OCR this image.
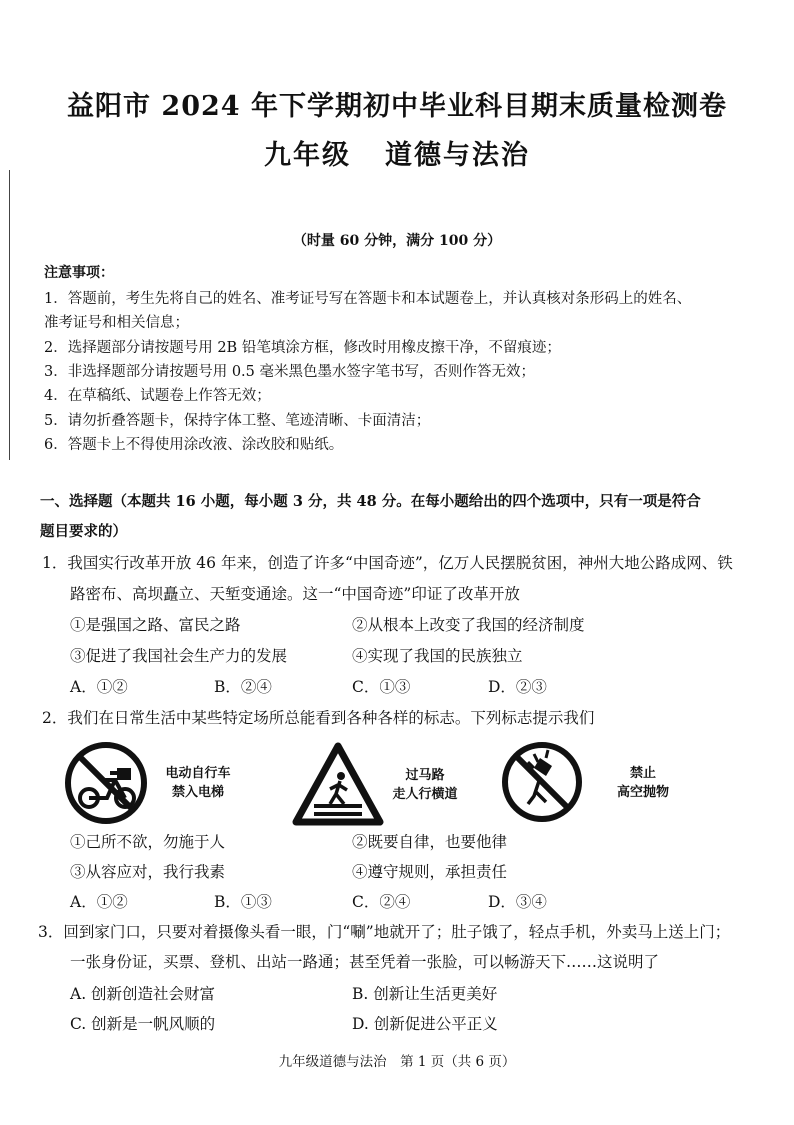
益阳市 2024 年下学期初中毕业科目期末质量检测卷
九年级 道德与法治
（时量 60 分钟，满分 100 分）
注意事项：
1．答题前，考生先将自己的姓名、准考证号写在答题卡和本试题卷上，并认真核对条形码上的姓名、
准考证号和相关信息；
2．选择题部分请按题号用 2B 铅笔填涂方框，修改时用橡皮擦干净，不留痕迹；
3．非选择题部分请按题号用 0.5 毫米黑色墨水签字笔书写，否则作答无效；
4．在草稿纸、试题卷上作答无效；
5．请勿折叠答题卡，保持字体工整、笔迹清晰、卡面清洁；
6．答题卡上不得使用涂改液、涂改胶和贴纸。
一、选择题（本题共 16 小题，每小题 3 分，共 48 分。在每小题给出的四个选项中，只有一项是符合
题目要求的）
1．我国实行改革开放 46 年来，创造了许多“中国奇迹”，亿万人民摆脱贫困，神州大地公路成网、铁
路密布、高坝矗立、天堑变通途。这一“中国奇迹”印证了改革开放
①是强国之路、富民之路	②从根本上改变了我国的经济制度
③促进了我国社会生产力的发展	④实现了我国的民族独立
A．①②	B．②④	C．①③	D．②③
2．我们在日常生活中某些特定场所总能看到各种各样的标志。下列标志提示我们
电动自行车
禁入电梯
过马路
走人行横道
禁止
高空抛物
①己所不欲，勿施于人	②既要自律，也要他律
③从容应对，我行我素	④遵守规则，承担责任
A．①②	B．①③	C．②④	D．③④
3．回到家门口，只要对着摄像头看一眼，门“唰”地就开了；肚子饿了，轻点手机，外卖马上送上门；
一张身份证，买票、登机、出站一路通；甚至凭着一张脸，可以畅游天下……这说明了
A. 创新创造社会财富	B. 创新让生活更美好
C. 创新是一帆风顺的	D. 创新促进公平正义
九年级道德与法治　第 1 页（共 6 页）
